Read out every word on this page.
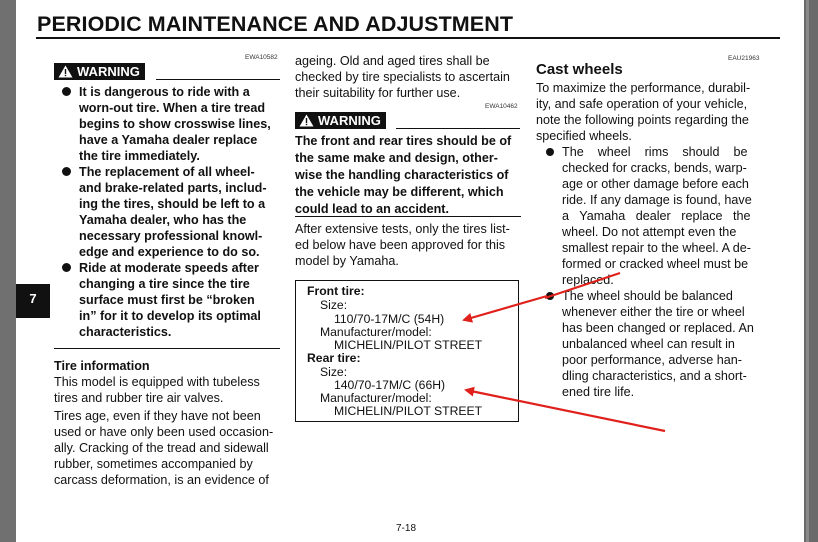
PERIODIC MAINTENANCE AND ADJUSTMENT
7
EWA10582
WARNING
It is dangerous to ride with a
worn-out tire. When a tire tread
begins to show crosswise lines,
have a Yamaha dealer replace
the tire immediately.
The replacement of all wheel-
and brake-related parts, includ-
ing the tires, should be left to a
Yamaha dealer, who has the
necessary professional knowl-
edge and experience to do so.
Ride at moderate speeds after
changing a tire since the tire
surface must first be “broken
in” for it to develop its optimal
characteristics.
Tire information
This model is equipped with tubeless
tires and rubber tire air valves.
Tires age, even if they have not been
used or have only been used occasion-
ally. Cracking of the tread and sidewall
rubber, sometimes accompanied by
carcass deformation, is an evidence of
ageing. Old and aged tires shall be
checked by tire specialists to ascertain
their suitability for further use.
EWA10462
WARNING
The front and rear tires should be of
the same make and design, other-
wise the handling characteristics of
the vehicle may be different, which
could lead to an accident.
After extensive tests, only the tires list-
ed below have been approved for this
model by Yamaha.
Front tire:
Size:
110/70-17M/C (54H)
Manufacturer/model:
MICHELIN/PILOT STREET
Rear tire:
Size:
140/70-17M/C (66H)
Manufacturer/model:
MICHELIN/PILOT STREET
EAU21963
Cast wheels
To maximize the performance, durabil-
ity, and safe operation of your vehicle,
note the following points regarding the
specified wheels.
The    wheel    rims    should    be
checked for cracks, bends, warp-
age or other damage before each
ride. If any damage is found, have
a   Yamaha   dealer   replace   the
wheel. Do not attempt even the
smallest repair to the wheel. A de-
formed or cracked wheel must be
replaced.
The wheel should be balanced
whenever either the tire or wheel
has been changed or replaced. An
unbalanced wheel can result in
poor performance, adverse han-
dling characteristics, and a short-
ened tire life.
7-18
